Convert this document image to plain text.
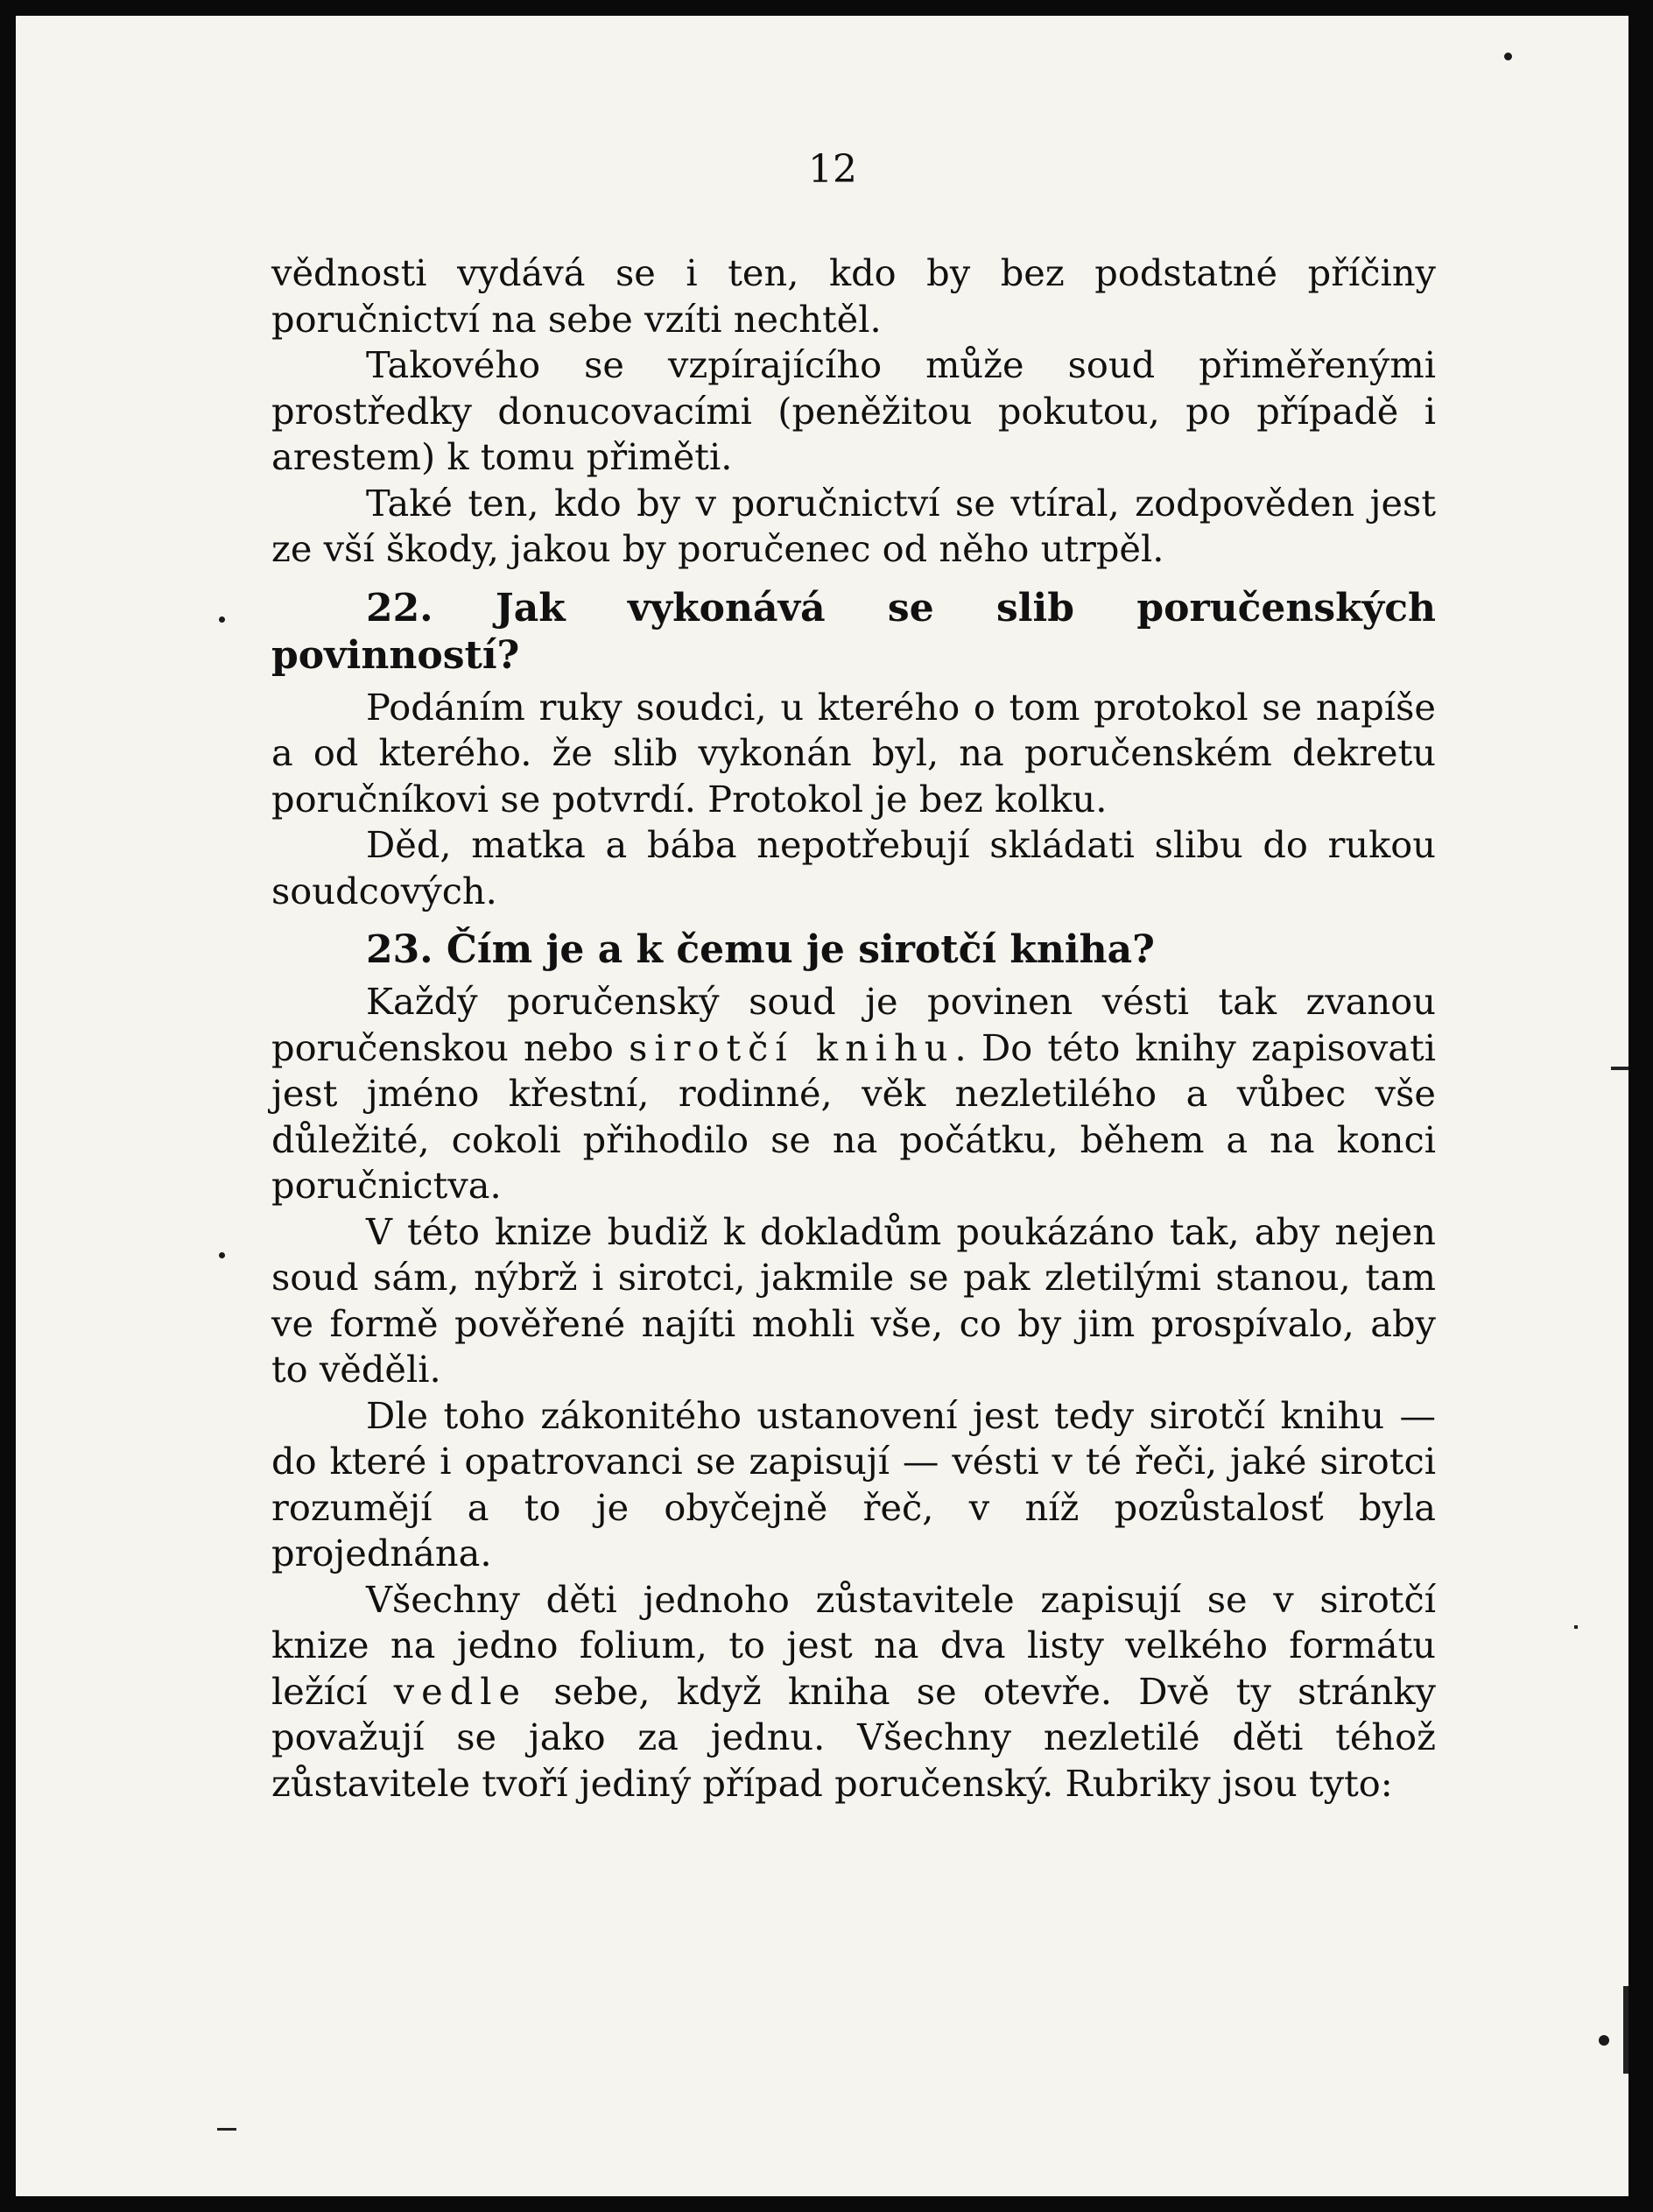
12

vědnosti vydává se i ten, kdo by bez podstatné příčiny poručnictví na sebe vzíti nechtěl.

Takového se vzpírajícího může soud přiměřenými prostředky donucovacími (peněžitou pokutou, po případě i arestem) k tomu přiměti.

Také ten, kdo by v poručnictví se vtíral, zodpověden jest ze vší škody, jakou by poručenec od něho utrpěl.

22. Jak vykonává se slib poručenských povinností?

Podáním ruky soudci, u kterého o tom protokol se napíše a od kterého. že slib vykonán byl, na poručenském dekretu poručníkovi se potvrdí. Protokol je bez kolku.

Děd, matka a bába nepotřebují skládati slibu do rukou soudcových.

23. Čím je a k čemu je sirotčí kniha?

Každý poručenský soud je povinen vésti tak zvanou poručenskou nebo sirotčí knihu. Do této knihy zapisovati jest jméno křestní, rodinné, věk nezletilého a vůbec vše důležité, cokoli přihodilo se na počátku, během a na konci poručnictva.

V této knize budiž k dokladům poukázáno tak, aby nejen soud sám, nýbrž i sirotci, jakmile se pak zletilými stanou, tam ve formě pověřené najíti mohli vše, co by jim prospívalo, aby to věděli.

Dle toho zákonitého ustanovení jest tedy sirotčí knihu — do které i opatrovanci se zapisují — vésti v té řeči, jaké sirotci rozumějí a to je obyčejně řeč, v níž pozůstalosť byla projednána.

Všechny děti jednoho zůstavitele zapisují se v sirotčí knize na jedno folium, to jest na dva listy velkého formátu ležící vedle sebe, když kniha se otevře. Dvě ty stránky považují se jako za jednu. Všechny nezletilé děti téhož zůstavitele tvoří jediný případ poručenský. Rubriky jsou tyto:
